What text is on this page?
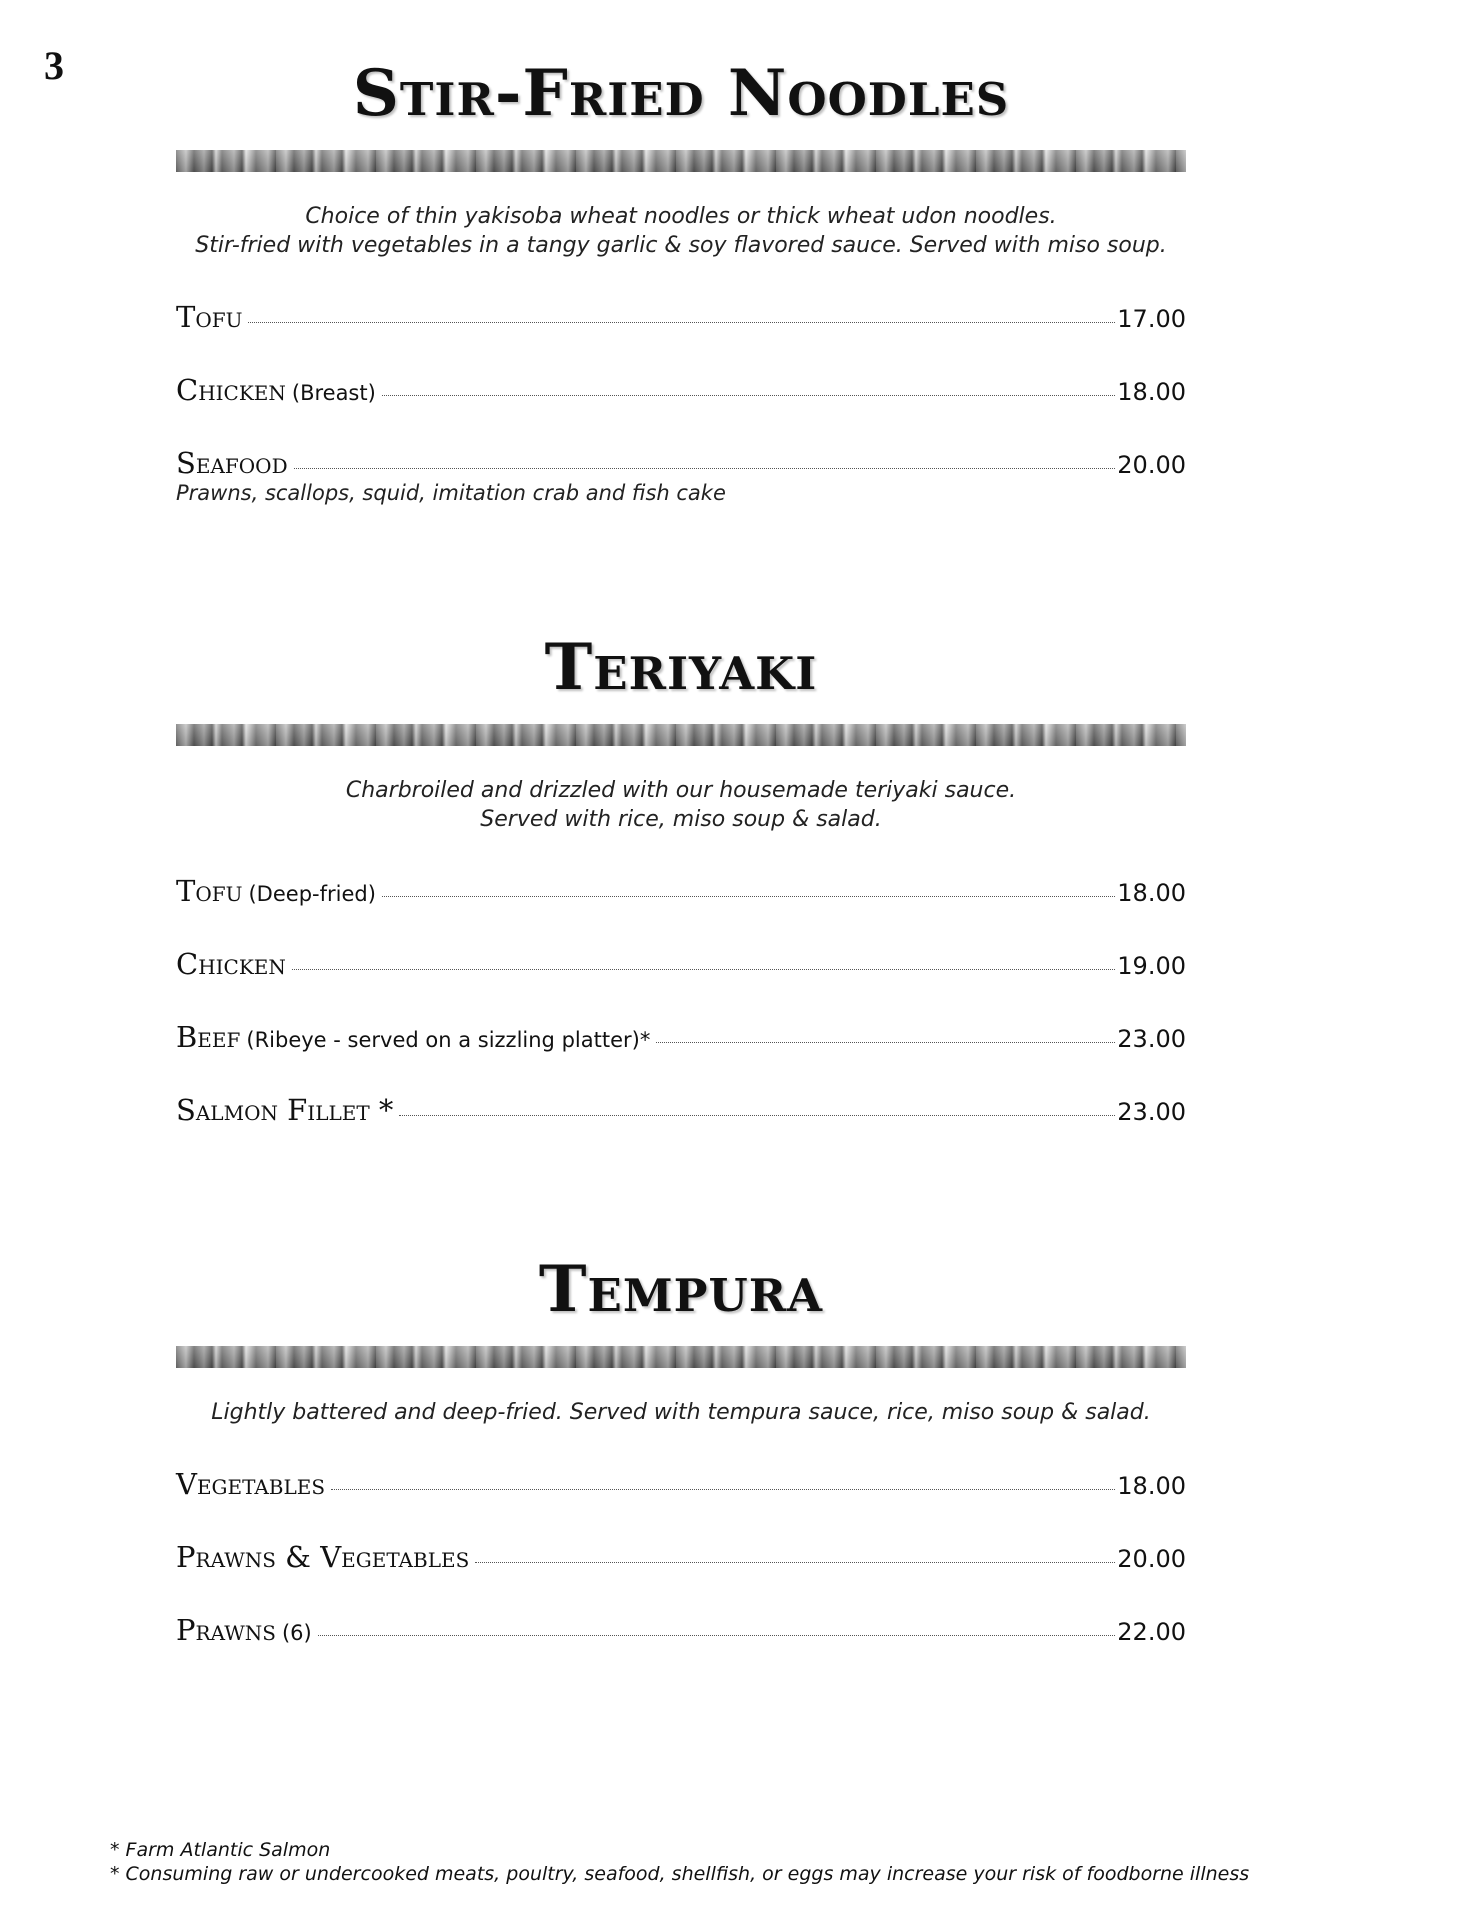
3	Stir-Fried Noodles
Choice of thin yakisoba wheat noodles or thick wheat udon noodles.
Stir-fried with vegetables in a tangy garlic & soy flavored sauce. Served with miso soup.
Tofu	17.00
Chicken (Breast)	18.00
Seafood	20.00
Prawns, scallops, squid, imitation crab and fish cake
Teriyaki
Charbroiled and drizzled with our housemade teriyaki sauce.
Served with rice, miso soup & salad.
Tofu (Deep-fried)	18.00
Chicken	19.00
Beef (Ribeye - served on a sizzling platter)*	23.00
Salmon Fillet *	23.00
Tempura
Lightly battered and deep-fried. Served with tempura sauce, rice, miso soup & salad.
Vegetables	18.00
Prawns & Vegetables	20.00
Prawns (6)	22.00
* Farm Atlantic Salmon
* Consuming raw or undercooked meats, poultry, seafood, shellfish, or eggs may increase your risk of foodborne illness
